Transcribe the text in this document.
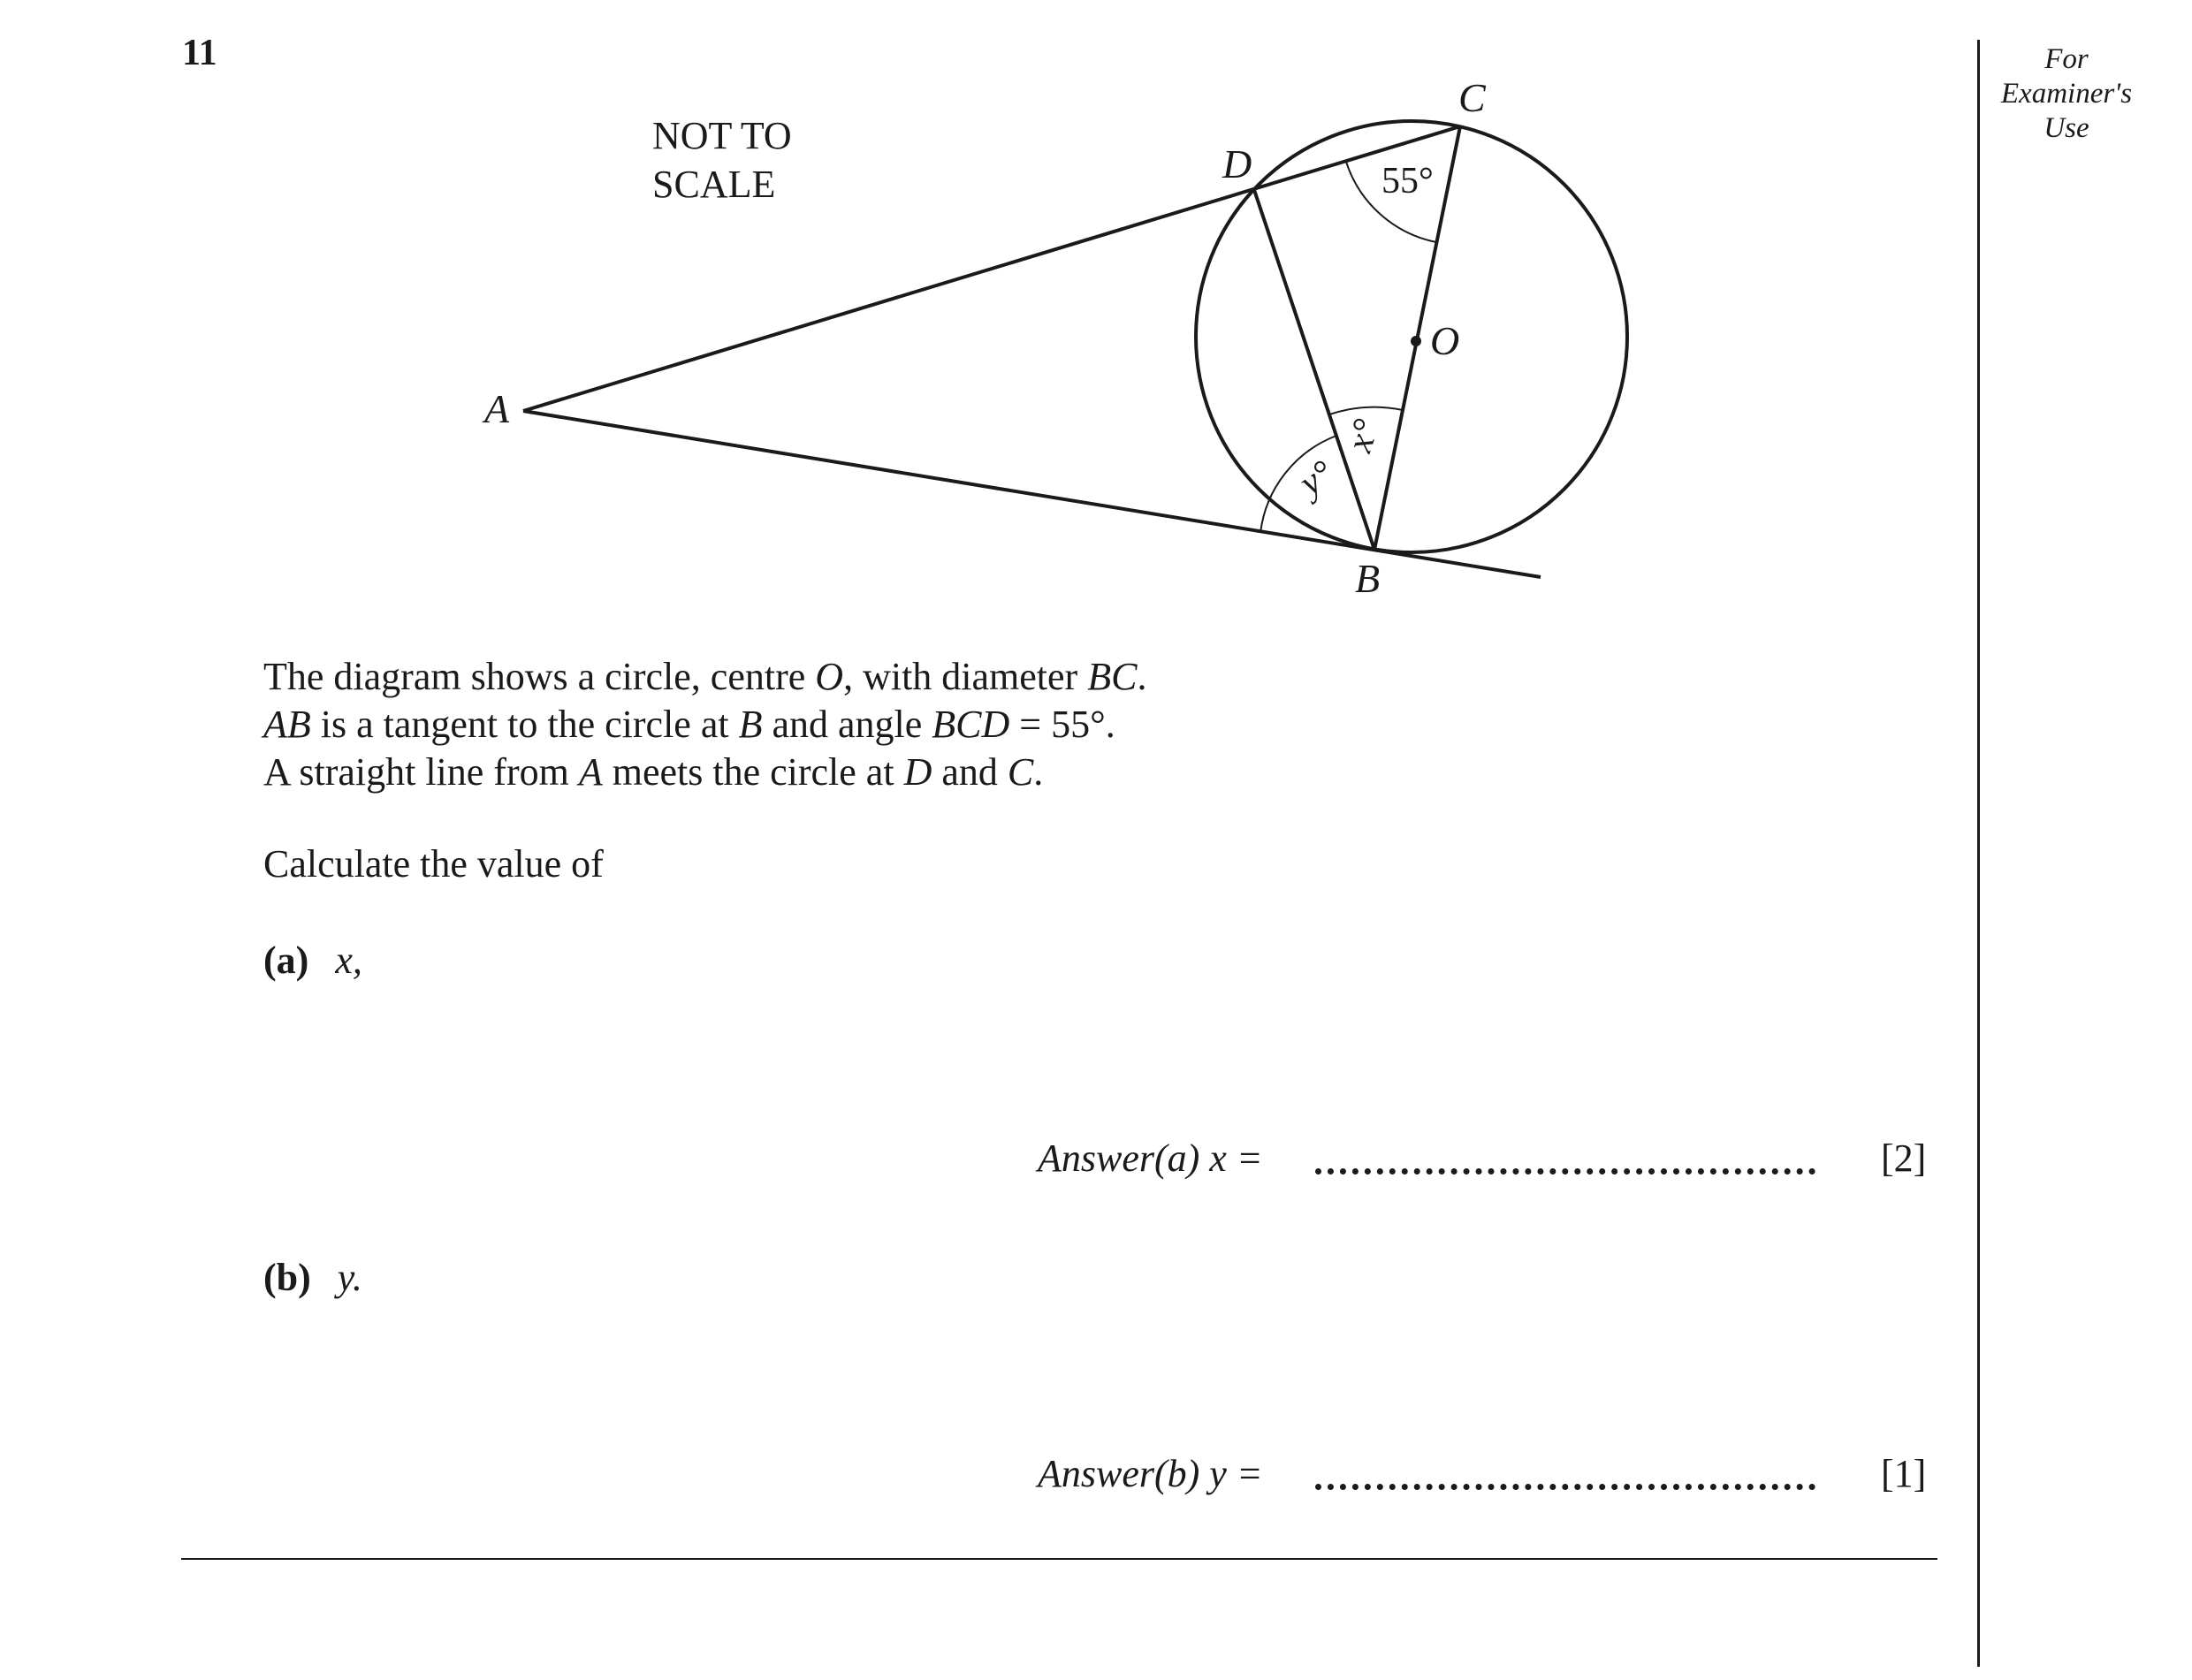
11	For
Examiner's
Use
NOT TO
SCALE
A
B
C
D
O
55°
x°
y°
The diagram shows a circle, centre O, with diameter BC.
AB is a tangent to the circle at B and angle BCD = 55°.
A straight line from A meets the circle at D and C.
Calculate the value of
(a) x,
Answer(a) x =	[2]
(b) y.
Answer(b) y =	[1]
